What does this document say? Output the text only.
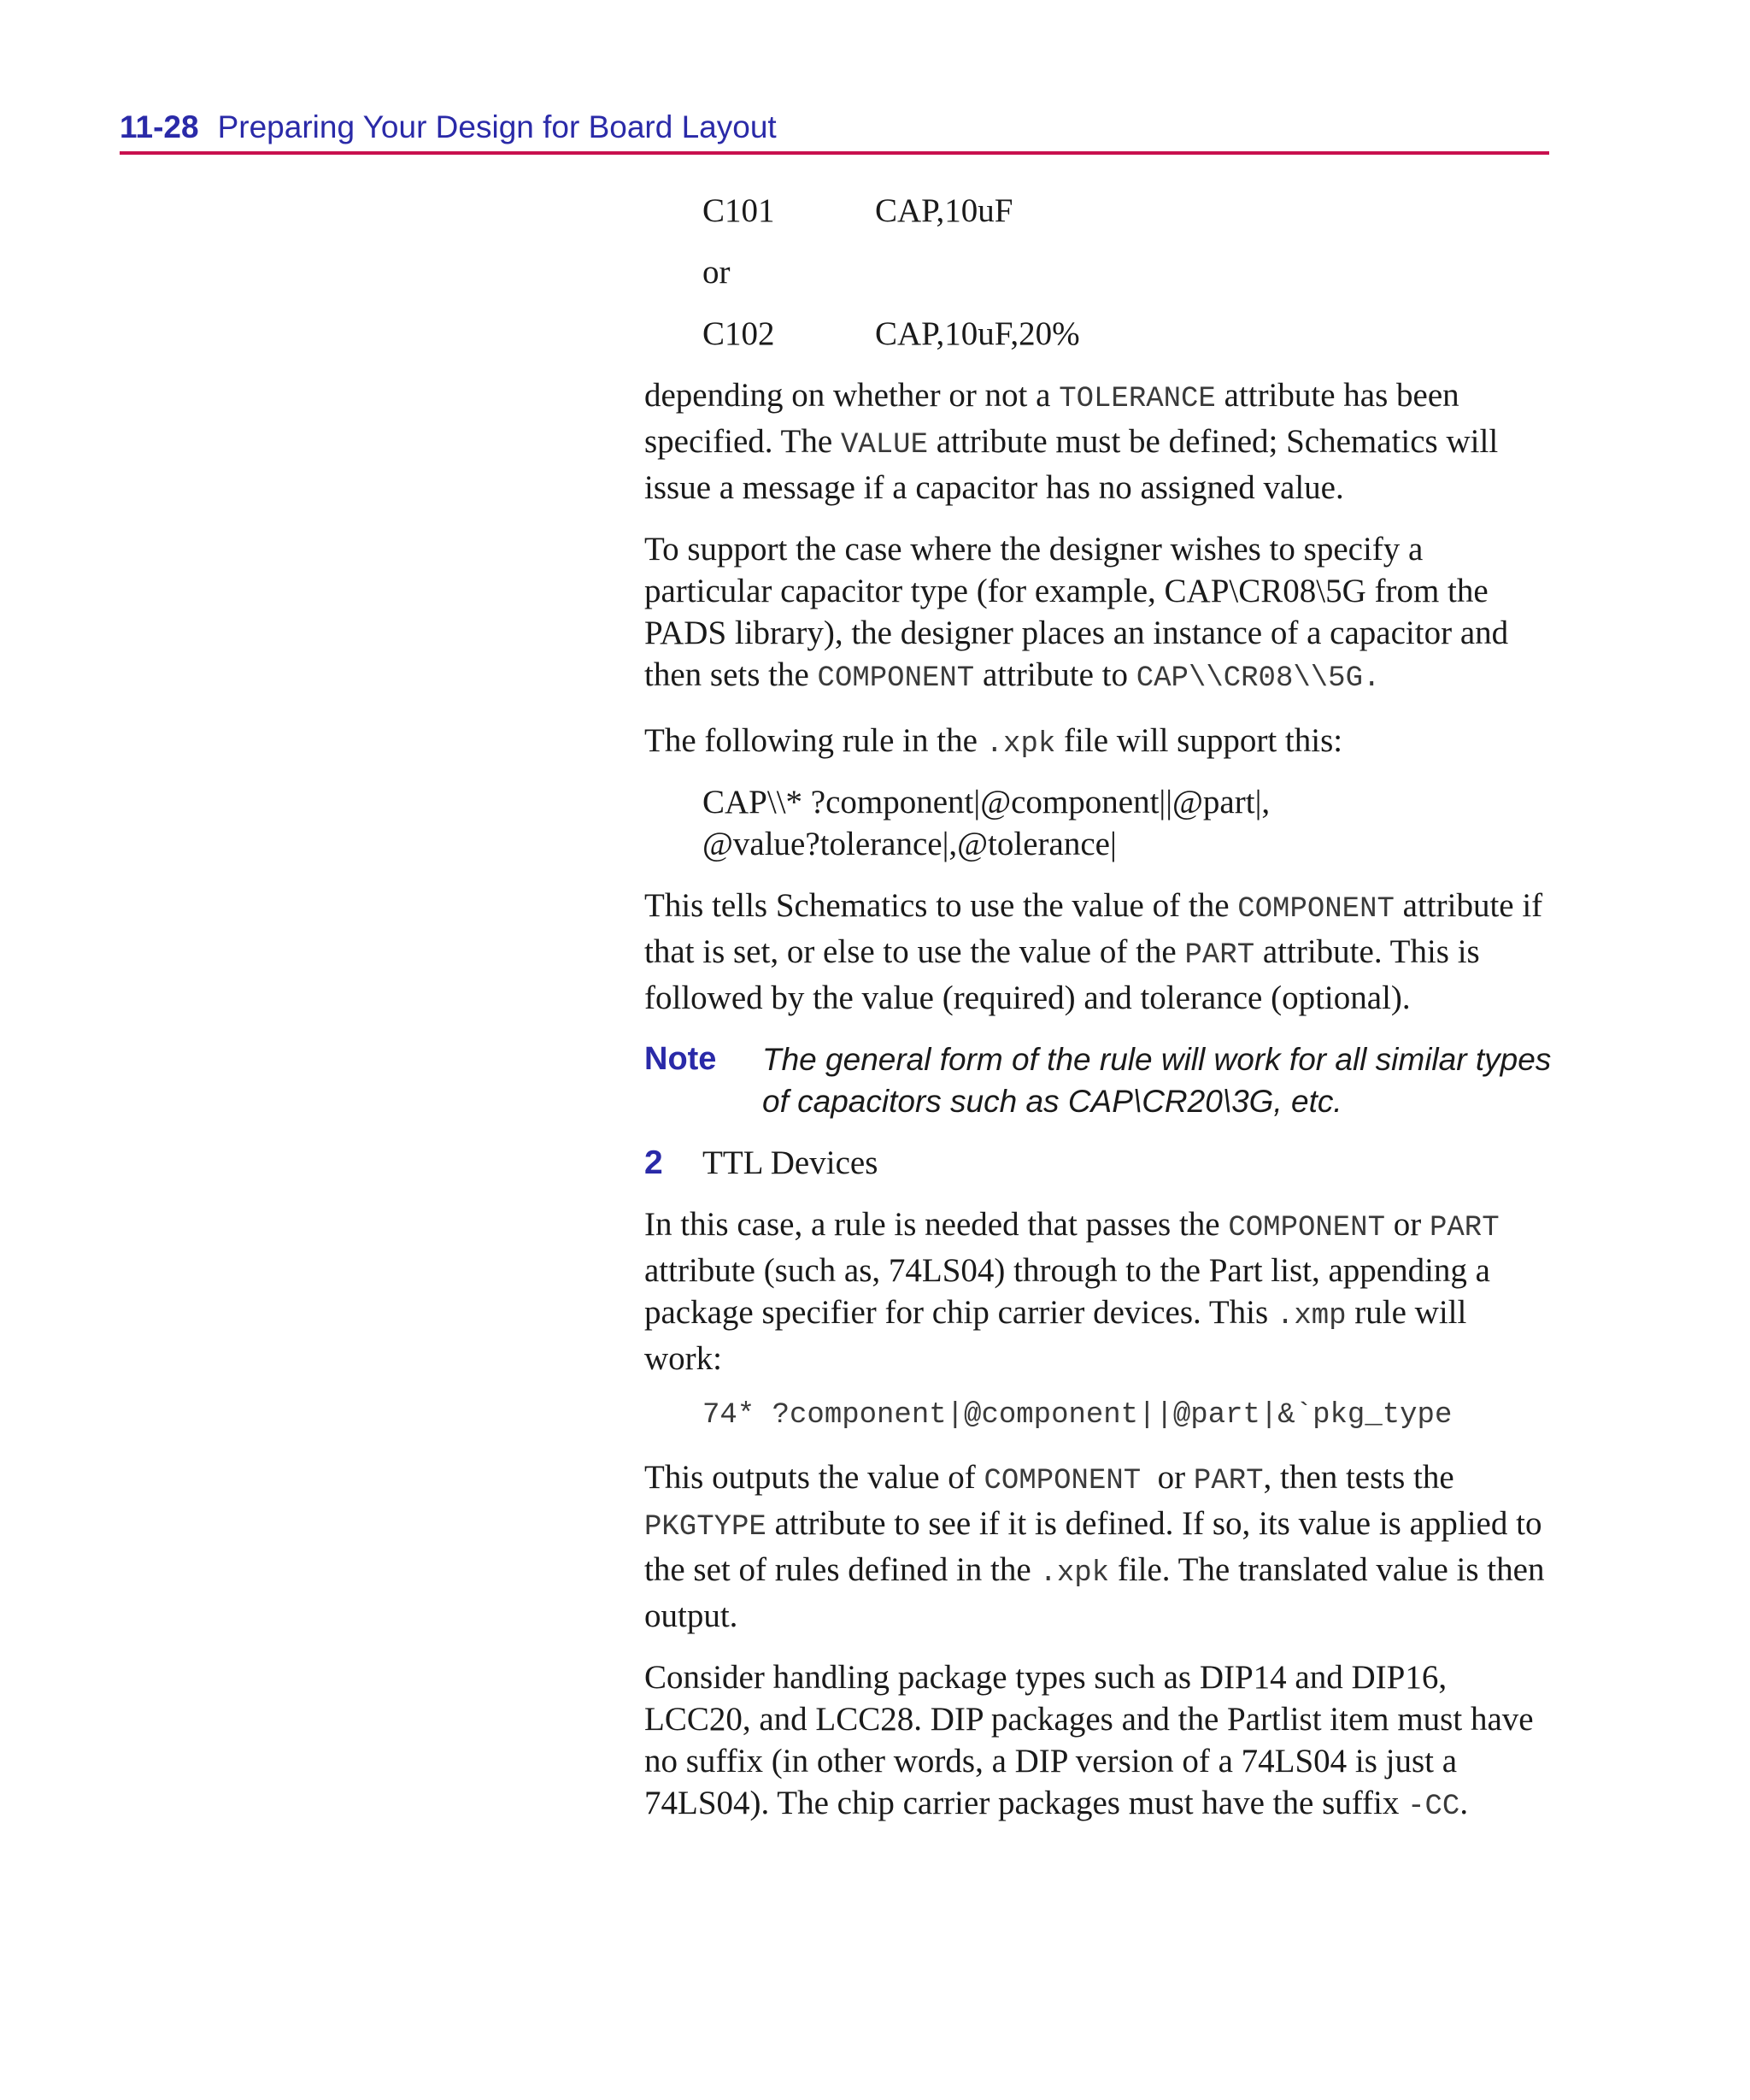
11-28 Preparing Your Design for Board Layout
C101	CAP,10uF
or
C102	CAP,10uF,20%

depending on whether or not a TOLERANCE attribute has been specified. The VALUE attribute must be defined; Schematics will issue a message if a capacitor has no assigned value.

To support the case where the designer wishes to specify a particular capacitor type (for example, CAP\CR08\5G from the PADS library), the designer places an instance of a capacitor and then sets the COMPONENT attribute to CAP\\CR08\\5G.

The following rule in the .xpk file will support this:

CAP\\* ?component|@component||@part|,
@value?tolerance|,@tolerance|

This tells Schematics to use the value of the COMPONENT attribute if that is set, or else to use the value of the PART attribute. This is followed by the value (required) and tolerance (optional).

Note The general form of the rule will work for all similar types of capacitors such as CAP\CR20\3G, etc.
2 TTL Devices

In this case, a rule is needed that passes the COMPONENT or PART attribute (such as, 74LS04) through to the Part list, appending a package specifier for chip carrier devices. This .xmp rule will work:

74* ?component|@component||@part|&`pkg_type

This outputs the value of COMPONENT  or PART, then tests the PKGTYPE attribute to see if it is defined. If so, its value is applied to the set of rules defined in the .xpk file. The translated value is then output.

Consider handling package types such as DIP14 and DIP16, LCC20, and LCC28. DIP packages and the Partlist item must have no suffix (in other words, a DIP version of a 74LS04 is just a 74LS04). The chip carrier packages must have the suffix -CC.
